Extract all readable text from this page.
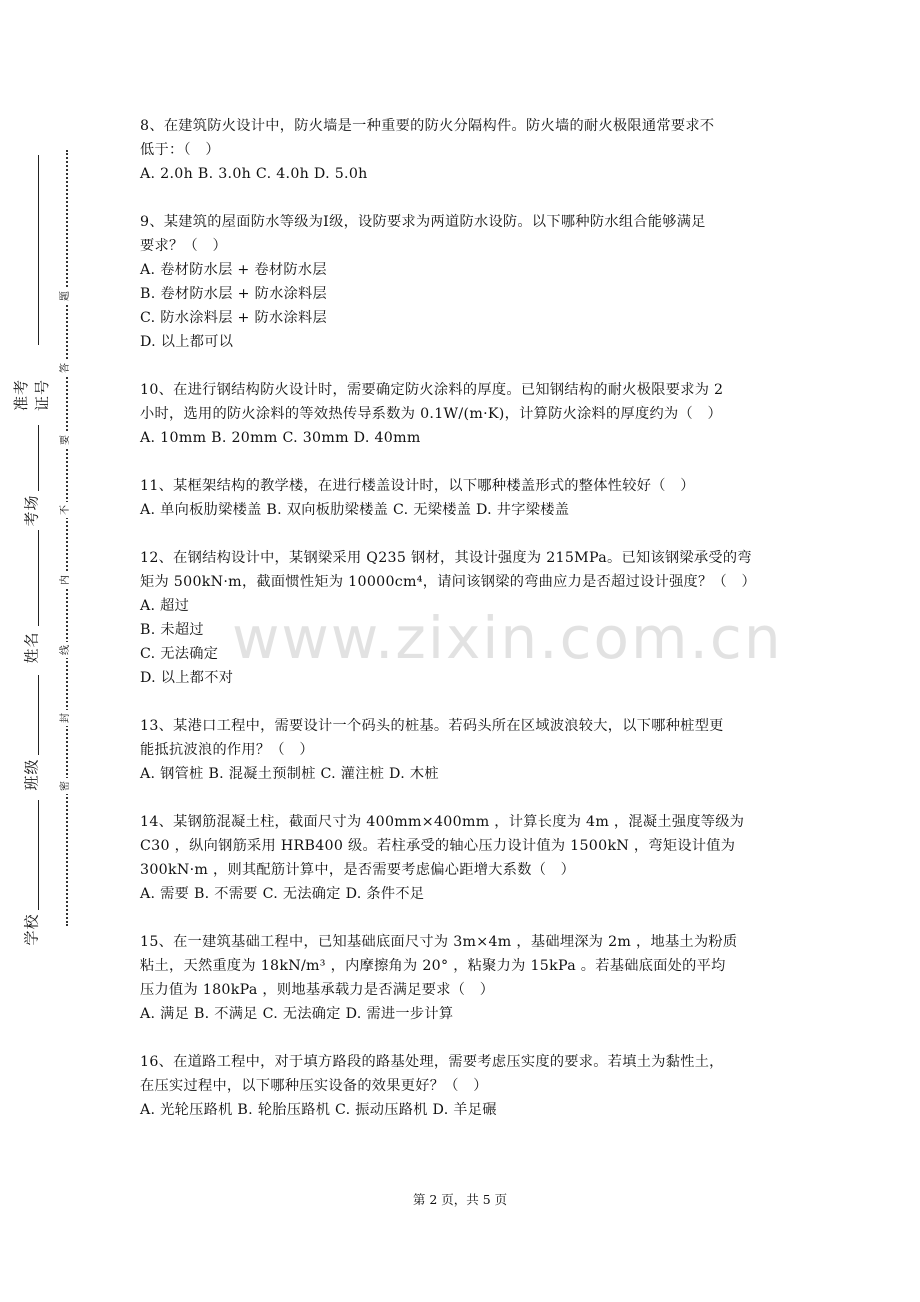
准考证号
考场
姓名
班级
学校
题
答
要
不
内
线
封
密

8、在建筑防火设计中，防火墙是一种重要的防火分隔构件。防火墙的耐火极限通常要求不

低于：（　）

A. 2.0h B. 3.0h C. 4.0h D. 5.0h

9、某建筑的屋面防水等级为Ⅰ级，设防要求为两道防水设防。以下哪种防水组合能够满足

要求？（　）

A. 卷材防水层 + 卷材防水层

B. 卷材防水层 + 防水涂料层

C. 防水涂料层 + 防水涂料层

D. 以上都可以

10、在进行钢结构防火设计时，需要确定防火涂料的厚度。已知钢结构的耐火极限要求为 2

小时，选用的防火涂料的等效热传导系数为 0.1W/(m·K)，计算防火涂料的厚度约为（　）

A. 10mm B. 20mm C. 30mm D. 40mm

11、某框架结构的教学楼，在进行楼盖设计时，以下哪种楼盖形式的整体性较好（　）

A. 单向板肋梁楼盖 B. 双向板肋梁楼盖 C. 无梁楼盖 D. 井字梁楼盖

12、在钢结构设计中，某钢梁采用 Q235 钢材，其设计强度为 215MPa。已知该钢梁承受的弯

矩为 500kN·m，截面惯性矩为 10000cm⁴，请问该钢梁的弯曲应力是否超过设计强度？（　）

A. 超过

B. 未超过

C. 无法确定

D. 以上都不对

13、某港口工程中，需要设计一个码头的桩基。若码头所在区域波浪较大，以下哪种桩型更

能抵抗波浪的作用？（　）

A. 钢管桩 B. 混凝土预制桩 C. 灌注桩 D. 木桩

14、某钢筋混凝土柱，截面尺寸为 400mm×400mm ，计算长度为 4m ，混凝土强度等级为

C30 ，纵向钢筋采用 HRB400 级。若柱承受的轴心压力设计值为 1500kN ，弯矩设计值为

300kN·m ，则其配筋计算中，是否需要考虑偏心距增大系数（　）

A. 需要 B. 不需要 C. 无法确定 D. 条件不足

15、在一建筑基础工程中，已知基础底面尺寸为 3m×4m ，基础埋深为 2m ，地基土为粉质

粘土，天然重度为 18kN/m³ ，内摩擦角为 20° ，粘聚力为 15kPa 。若基础底面处的平均

压力值为 180kPa ，则地基承载力是否满足要求（　）

A. 满足 B. 不满足 C. 无法确定 D. 需进一步计算

16、在道路工程中，对于填方路段的路基处理，需要考虑压实度的要求。若填土为黏性土，

在压实过程中，以下哪种压实设备的效果更好？（　）

A. 光轮压路机 B. 轮胎压路机 C. 振动压路机 D. 羊足碾

www.zixin.com.cn
第 2 页，共 5 页
